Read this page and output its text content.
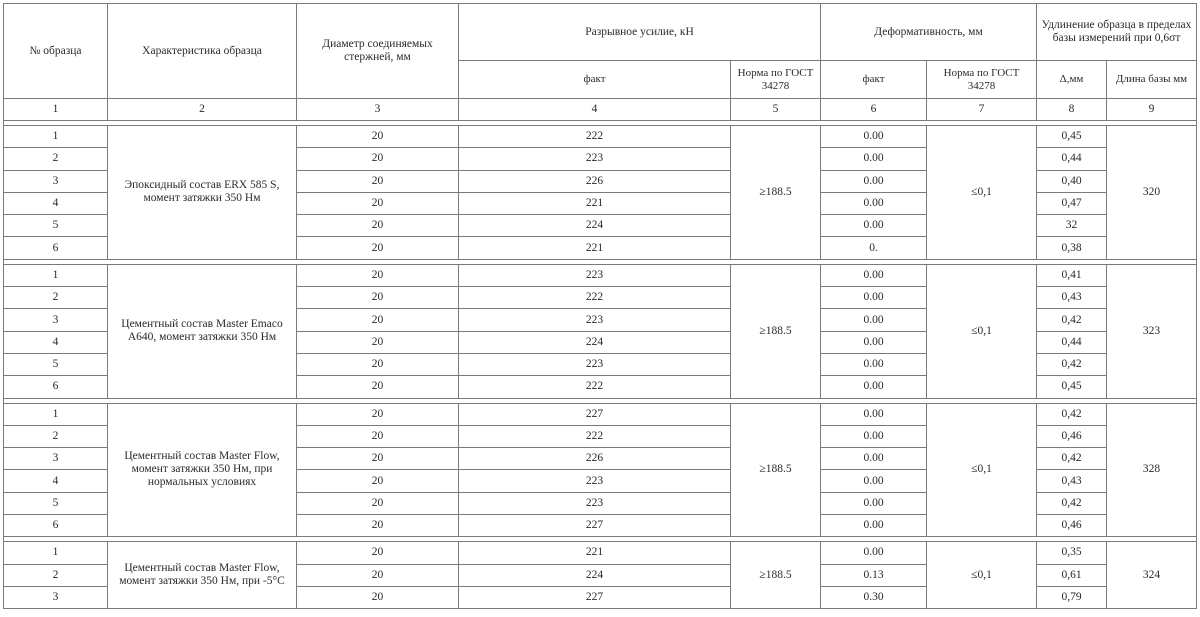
№ образца	Характеристика образца	Диаметр соединяемых стержней, мм	Разрывное усилие, кН		Деформативность, мм		Удлинение образца в пределах базы измерений при 0,6σт	
			факт	Норма по ГОСТ 34278	факт	Норма по ГОСТ 34278	Δ,мм	Длина базы мм
1	2	3	4	5	6	7	8	9

1	Эпоксидный состав ERX 585 S, момент затяжки 350 Нм	20	222	≥188.5	0.00	≤0,1	0,45	320
2		20	223		0.00		0,44	
3		20	226		0.00		0,40	
4		20	221		0.00		0,47	
5		20	224		0.00		32	
6		20	221		0.		0,38	

1	Цементный состав Master Emaco A640, момент затяжки 350 Нм	20	223	≥188.5	0.00	≤0,1	0,41	323
2		20	222		0.00		0,43	
3		20	223		0.00		0,42	
4		20	224		0.00		0,44	
5		20	223		0.00		0,42	
6		20	222		0.00		0,45	

1	Цементный состав Master Flow, момент затяжки 350 Нм, при нормальных условиях	20	227	≥188.5	0.00	≤0,1	0,42	328
2		20	222		0.00		0,46	
3		20	226		0.00		0,42	
4		20	223		0.00		0,43	
5		20	223		0.00		0,42	
6		20	227		0.00		0,46	

1	Цементный состав Master Flow, момент затяжки 350 Нм, при -5°С	20	221	≥188.5	0.00	≤0,1	0,35	324
2		20	224		0.13		0,61	
3		20	227		0.30		0,79	
